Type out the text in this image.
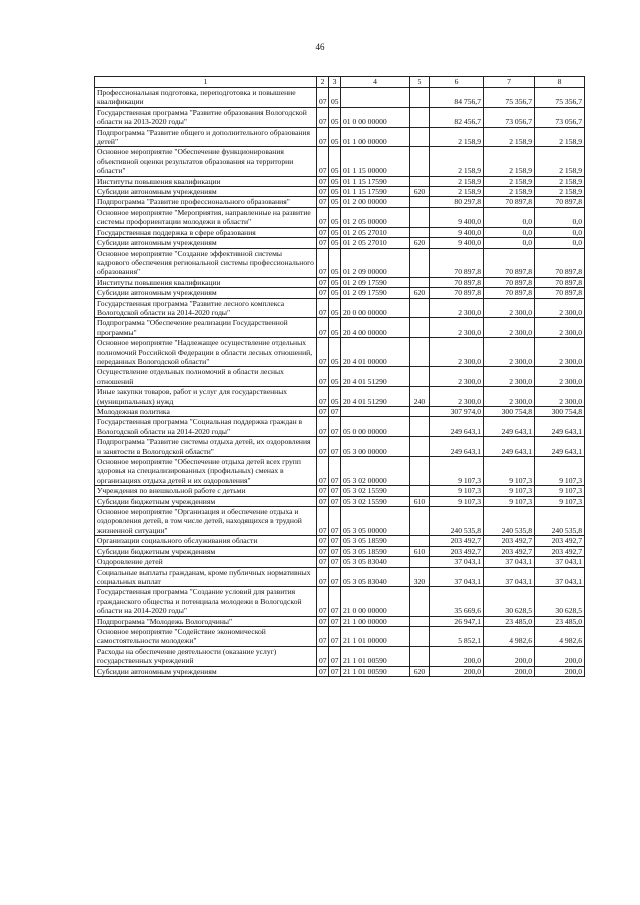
46
1	2	3	4	5	6	7	8
Профессиональная подготовка, переподготовка и повышение квалификации	07	05			84 756,7	75 356,7	75 356,7
Государственная программа "Развитие образования Вологодской области на 2013-2020 годы"	07	05	01 0 00 00000		82 456,7	73 056,7	73 056,7
Подпрограмма "Развитие общего и дополнительного образования детей"	07	05	01 1 00 00000		2 158,9	2 158,9	2 158,9
Основное мероприятие "Обеспечение функционирования объективной оценки результатов образования на территории области"	07	05	01 1 15 00000		2 158,9	2 158,9	2 158,9
Институты повышения квалификации	07	05	01 1 15 17590		2 158,9	2 158,9	2 158,9
Субсидии автономным учреждениям	07	05	01 1 15 17590	620	2 158,9	2 158,9	2 158,9
Подпрограмма "Развитие профессионального образования"	07	05	01 2 00 00000		80 297,8	70 897,8	70 897,8
Основное мероприятие "Мероприятия, направленные на развитие системы профориентации молодежи в области"	07	05	01 2 05 00000		9 400,0	0,0	0,0
Государственная поддержка в сфере образования	07	05	01 2 05 27010		9 400,0	0,0	0,0
Субсидии автономным учреждениям	07	05	01 2 05 27010	620	9 400,0	0,0	0,0
Основное мероприятие "Создание эффективной системы кадрового обеспечения региональной системы профессионального образования"	07	05	01 2 09 00000		70 897,8	70 897,8	70 897,8
Институты повышения квалификации	07	05	01 2 09 17590		70 897,8	70 897,8	70 897,8
Субсидии автономным учреждениям	07	05	01 2 09 17590	620	70 897,8	70 897,8	70 897,8
Государственная программа "Развитие лесного комплекса Вологодской области на 2014-2020 годы"	07	05	20 0 00 00000		2 300,0	2 300,0	2 300,0
Подпрограмма "Обеспечение реализации Государственной программы"	07	05	20 4 00 00000		2 300,0	2 300,0	2 300,0
Основное мероприятие "Надлежащее осуществление отдельных полномочий Российской Федерации в области лесных отношений, переданных Вологодской области"	07	05	20 4 01 00000		2 300,0	2 300,0	2 300,0
Осуществление отдельных полномочий в области лесных отношений	07	05	20 4 01 51290		2 300,0	2 300,0	2 300,0
Иные закупки товаров, работ и услуг для государственных (муниципальных) нужд	07	05	20 4 01 51290	240	2 300,0	2 300,0	2 300,0
Молодежная политика	07	07			307 974,0	300 754,8	300 754,8
Государственная программа "Социальная поддержка граждан в Вологодской области на 2014-2020 годы"	07	07	05 0 00 00000		249 643,1	249 643,1	249 643,1
Подпрограмма "Развитие системы отдыха детей, их оздоровления и занятости в Вологодской области"	07	07	05 3 00 00000		249 643,1	249 643,1	249 643,1
Основное мероприятие "Обеспечение отдыха детей всех групп здоровья на специализированных (профильных) сменах в организациях отдыха детей и их оздоровления"	07	07	05 3 02 00000		9 107,3	9 107,3	9 107,3
Учреждения по внешкольной работе с детьми	07	07	05 3 02 15590		9 107,3	9 107,3	9 107,3
Субсидии бюджетным учреждениям	07	07	05 3 02 15590	610	9 107,3	9 107,3	9 107,3
Основное мероприятие "Организация и обеспечение отдыха и оздоровления детей, в том числе детей, находящихся в трудной жизненной ситуации"	07	07	05 3 05 00000		240 535,8	240 535,8	240 535,8
Организации социального обслуживания области	07	07	05 3 05 18590		203 492,7	203 492,7	203 492,7
Субсидии бюджетным учреждениям	07	07	05 3 05 18590	610	203 492,7	203 492,7	203 492,7
Оздоровление детей	07	07	05 3 05 83040		37 043,1	37 043,1	37 043,1
Социальные выплаты гражданам, кроме публичных нормативных социальных выплат	07	07	05 3 05 83040	320	37 043,1	37 043,1	37 043,1
Государственная программа "Создание условий для развития гражданского общества и потенциала молодежи в Вологодской области на 2014-2020 годы"	07	07	21 0 00 00000		35 669,6	30 628,5	30 628,5
Подпрограмма "Молодежь Вологодчины"	07	07	21 1 00 00000		26 947,1	23 485,0	23 485,0
Основное мероприятие "Содействие экономической самостоятельности молодежи"	07	07	21 1 01 00000		5 852,1	4 982,6	4 982,6
Расходы на обеспечение деятельности (оказание услуг) государственных учреждений	07	07	21 1 01 00590		200,0	200,0	200,0
Субсидии автономным учреждениям	07	07	21 1 01 00590	620	200,0	200,0	200,0
